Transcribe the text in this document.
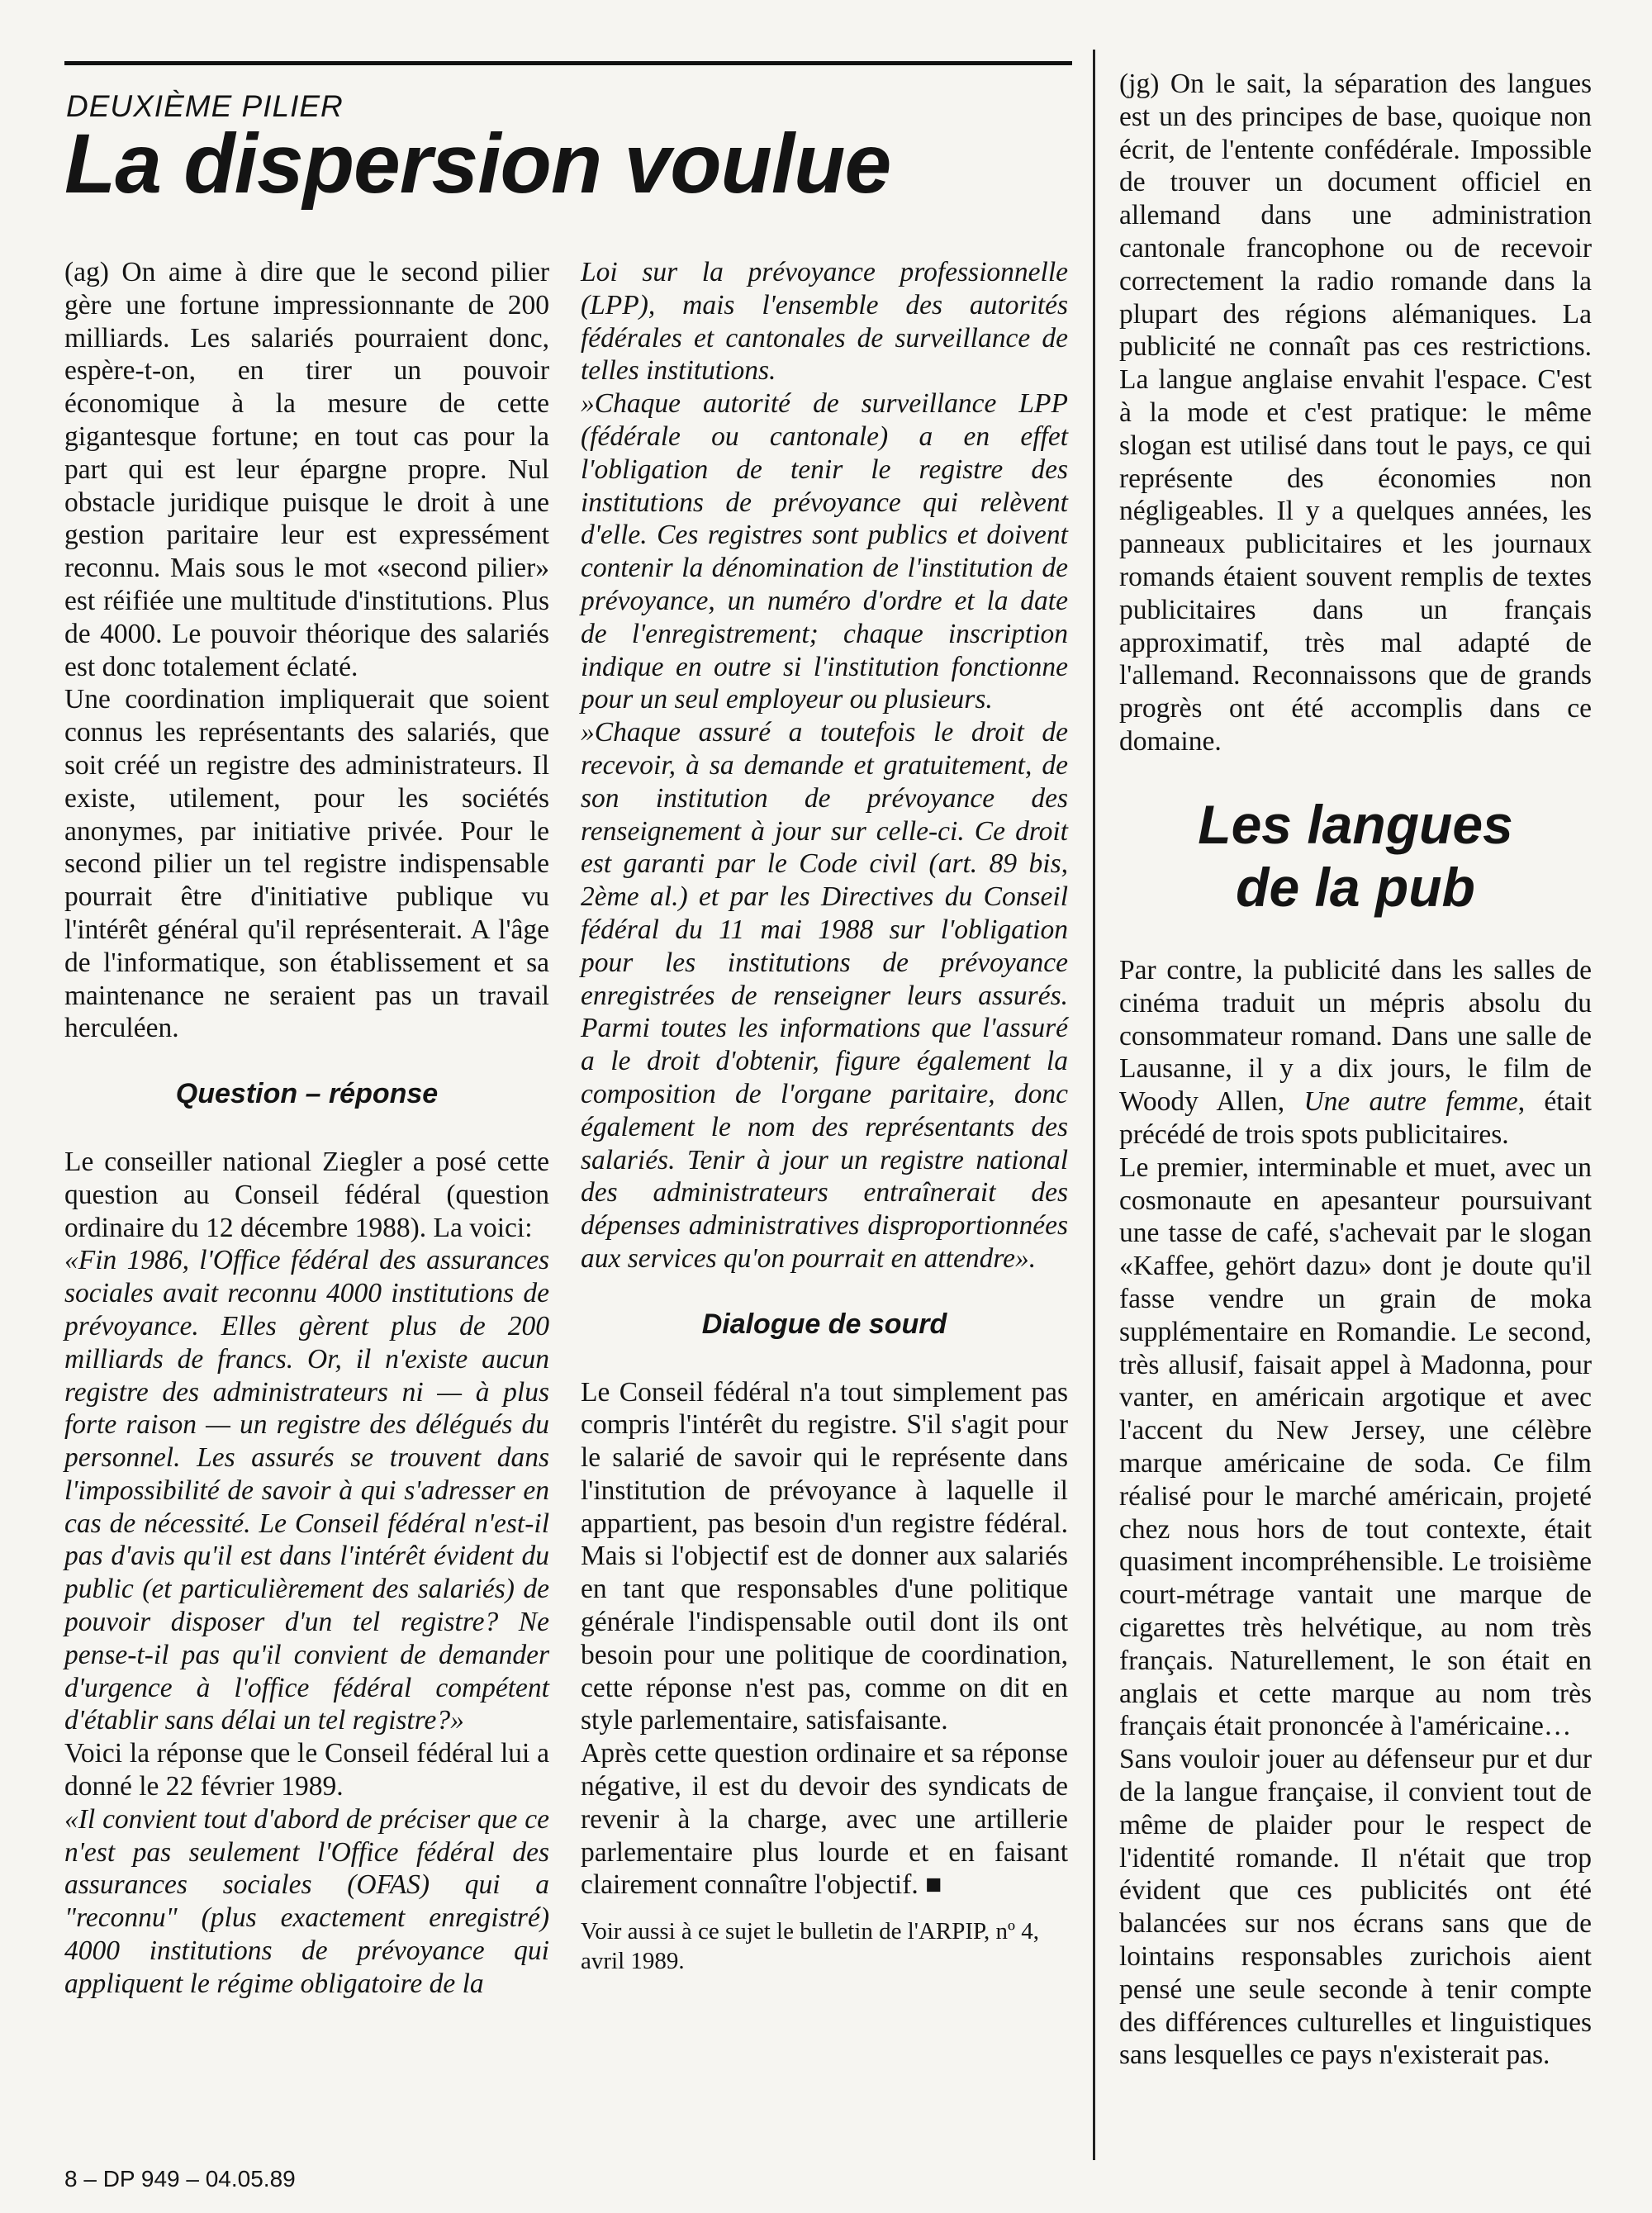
DEUXIÈME PILIER
La dispersion voulue

(ag) On aime à dire que le second pilier gère une fortune impressionnante de 200 milliards. Les salariés pourraient donc, espère-t-on, en tirer un pouvoir économique à la mesure de cette gigantesque fortune; en tout cas pour la part qui est leur épargne propre. Nul obstacle juridique puisque le droit à une gestion paritaire leur est expressément reconnu. Mais sous le mot «second pilier» est réifiée une multitude d'institutions. Plus de 4000. Le pouvoir théorique des salariés est donc totalement éclaté.

Une coordination impliquerait que soient connus les représentants des salariés, que soit créé un registre des administrateurs. Il existe, utilement, pour les sociétés anonymes, par initiative privée. Pour le second pilier un tel registre indispensable pourrait être d'initiative publique vu l'intérêt général qu'il représenterait. A l'âge de l'informatique, son établissement et sa maintenance ne seraient pas un travail herculéen.

Question – réponse

Le conseiller national Ziegler a posé cette question au Conseil fédéral (question ordinaire du 12 décembre 1988). La voici:

«Fin 1986, l'Office fédéral des assurances sociales avait reconnu 4000 institutions de prévoyance. Elles gèrent plus de 200 milliards de francs. Or, il n'existe aucun registre des administrateurs ni — à plus forte raison — un registre des délégués du personnel. Les assurés se trouvent dans l'impossibilité de savoir à qui s'adresser en cas de nécessité. Le Conseil fédéral n'est-il pas d'avis qu'il est dans l'intérêt évident du public (et particulièrement des salariés) de pouvoir disposer d'un tel registre? Ne pense-t-il pas qu'il convient de demander d'urgence à l'office fédéral compétent d'établir sans délai un tel registre?»

Voici la réponse que le Conseil fédéral lui a donné le 22 février 1989.

«Il convient tout d'abord de préciser que ce n'est pas seulement l'Office fédéral des assurances sociales (OFAS) qui a "reconnu" (plus exactement enregistré) 4000 institutions de prévoyance qui appliquent le régime obligatoire de la

Loi sur la prévoyance professionnelle (LPP), mais l'ensemble des autorités fédérales et cantonales de surveillance de telles institutions.

»Chaque autorité de surveillance LPP (fédérale ou cantonale) a en effet l'obligation de tenir le registre des institutions de prévoyance qui relèvent d'elle. Ces registres sont publics et doivent contenir la dénomination de l'institution de prévoyance, un numéro d'ordre et la date de l'enregistrement; chaque inscription indique en outre si l'institution fonctionne pour un seul employeur ou plusieurs.

»Chaque assuré a toutefois le droit de recevoir, à sa demande et gratuitement, de son institution de prévoyance des renseignement à jour sur celle-ci. Ce droit est garanti par le Code civil (art. 89 bis, 2ème al.) et par les Directives du Conseil fédéral du 11 mai 1988 sur l'obligation pour les institutions de prévoyance enregistrées de renseigner leurs assurés. Parmi toutes les informations que l'assuré a le droit d'obtenir, figure également la composition de l'organe paritaire, donc également le nom des représentants des salariés. Tenir à jour un registre national des administrateurs entraînerait des dépenses administratives disproportionnées aux services qu'on pourrait en attendre».

Dialogue de sourd

Le Conseil fédéral n'a tout simplement pas compris l'intérêt du registre. S'il s'agit pour le salarié de savoir qui le représente dans l'institution de prévoyance à laquelle il appartient, pas besoin d'un registre fédéral. Mais si l'objectif est de donner aux salariés en tant que responsables d'une politique générale l'indispensable outil dont ils ont besoin pour une politique de coordination, cette réponse n'est pas, comme on dit en style parlementaire, satisfaisante.

Après cette question ordinaire et sa réponse négative, il est du devoir des syndicats de revenir à la charge, avec une artillerie parlementaire plus lourde et en faisant clairement connaître l'objectif. ■

Voir aussi à ce sujet le bulletin de l'ARPIP, nº 4, avril 1989.

(jg) On le sait, la séparation des langues est un des principes de base, quoique non écrit, de l'entente confédérale. Impossible de trouver un document officiel en allemand dans une administration cantonale francophone ou de recevoir correctement la radio romande dans la plupart des régions alémaniques. La publicité ne connaît pas ces restrictions. La langue anglaise envahit l'espace. C'est à la mode et c'est pratique: le même slogan est utilisé dans tout le pays, ce qui représente des économies non négligeables. Il y a quelques années, les panneaux publicitaires et les journaux romands étaient souvent remplis de textes publicitaires dans un français approximatif, très mal adapté de l'allemand. Reconnaissons que de grands progrès ont été accomplis dans ce domaine.

Les langues
de la pub

Par contre, la publicité dans les salles de cinéma traduit un mépris absolu du consommateur romand. Dans une salle de Lausanne, il y a dix jours, le film de Woody Allen, Une autre femme, était précédé de trois spots publicitaires.

Le premier, interminable et muet, avec un cosmonaute en apesanteur poursuivant une tasse de café, s'achevait par le slogan «Kaffee, gehört dazu» dont je doute qu'il fasse vendre un grain de moka supplémentaire en Romandie. Le second, très allusif, faisait appel à Madonna, pour vanter, en américain argotique et avec l'accent du New Jersey, une célèbre marque américaine de soda. Ce film réalisé pour le marché américain, projeté chez nous hors de tout contexte, était quasiment incompréhensible. Le troisième court-métrage vantait une marque de cigarettes très helvétique, au nom très français. Naturellement, le son était en anglais et cette marque au nom très français était prononcée à l'américaine…

Sans vouloir jouer au défenseur pur et dur de la langue française, il convient tout de même de plaider pour le respect de l'identité romande. Il n'était que trop évident que ces publicités ont été balancées sur nos écrans sans que de lointains responsables zurichois aient pensé une seule seconde à tenir compte des différences culturelles et linguistiques sans lesquelles ce pays n'existerait pas.

8 – DP 949 – 04.05.89
